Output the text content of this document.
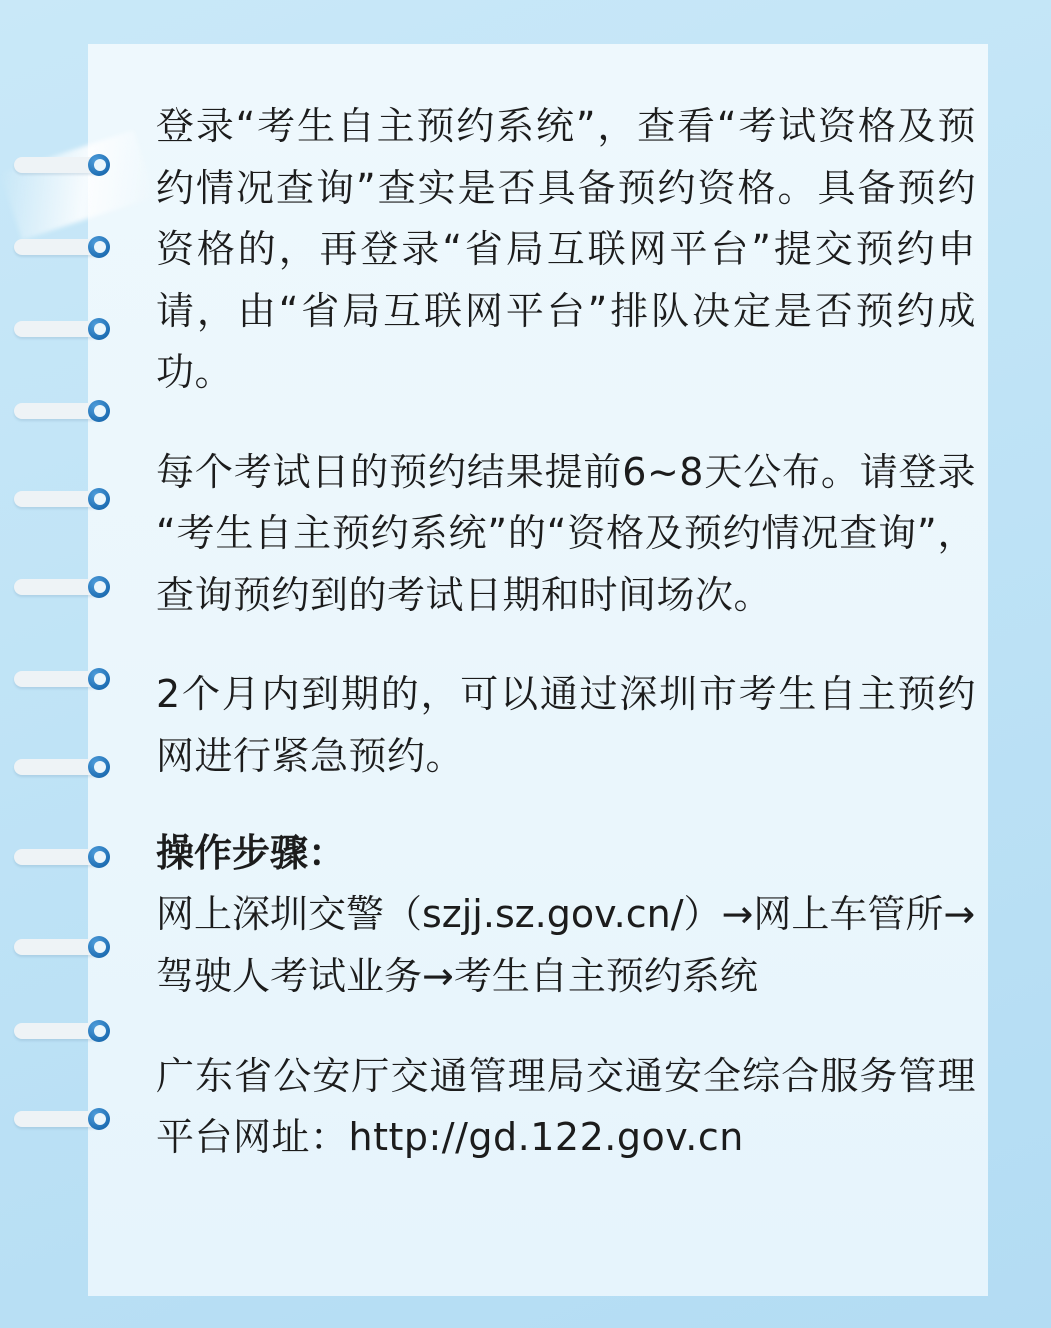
登录“考生自主预约系统”，查看“考试资格及预约情况查询”查实是否具备预约资格。具备预约资格的，再登录“省局互联网平台”提交预约申请，由“省局互联网平台”排队决定是否预约成功。

每个考试日的预约结果提前6~8天公布。请登录“考生自主预约系统”的“资格及预约情况查询”，查询预约到的考试日期和时间场次。

2个月内到期的，可以通过深圳市考生自主预约网进行紧急预约。

操作步骤：

网上深圳交警（szjj.sz.gov.cn/）→网上车管所→驾驶人考试业务→考生自主预约系统

广东省公安厅交通管理局交通安全综合服务管理平台网址：http://gd.122.gov.cn
